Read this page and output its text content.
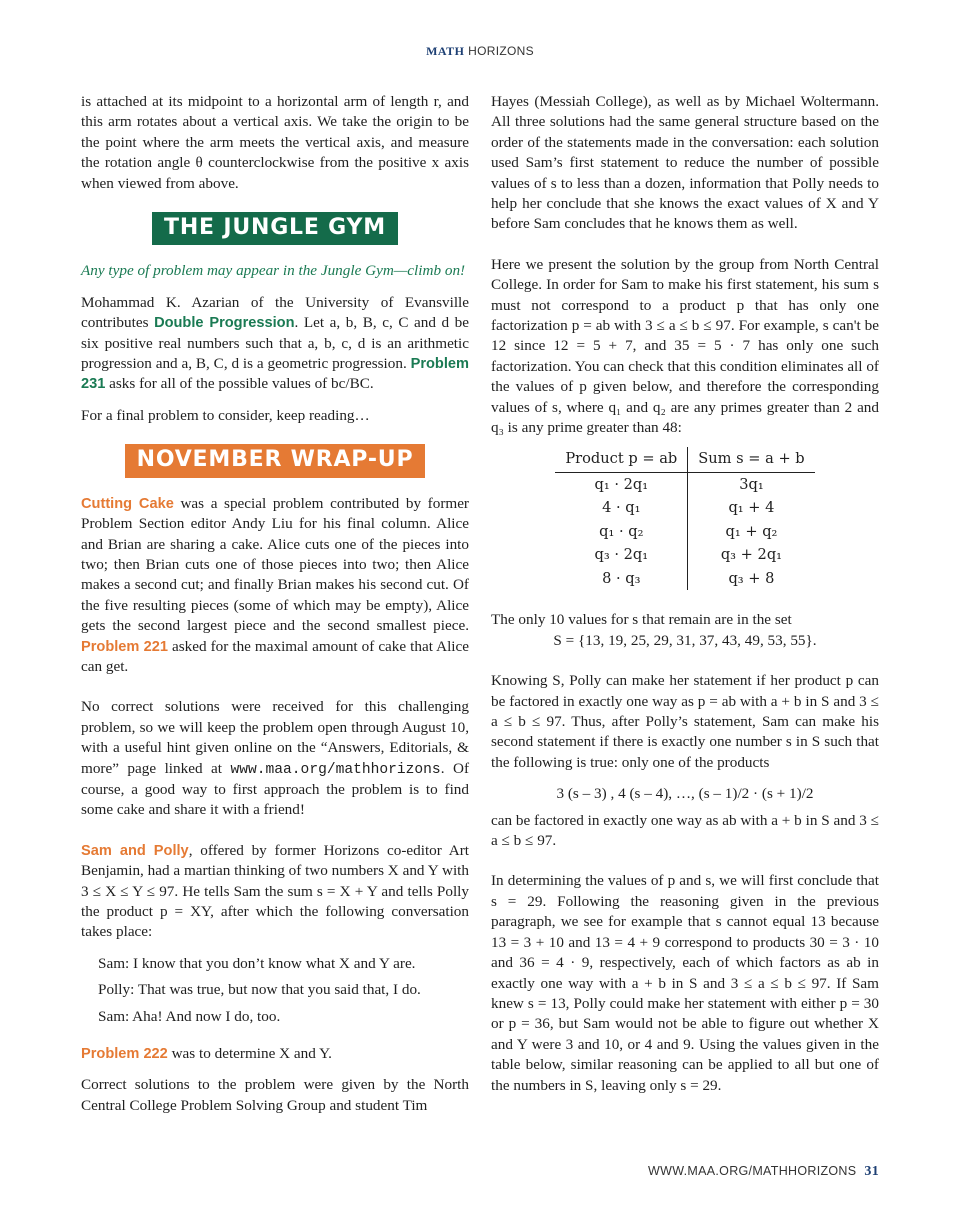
MATH HORIZONS

is attached at its midpoint to a horizontal arm of length r, and this arm rotates about a vertical axis. We take the origin to be the point where the arm meets the vertical axis, and measure the rotation angle θ counterclockwise from the positive x axis when viewed from above.

THE JUNGLE GYM

Any type of problem may appear in the Jungle Gym—climb on!

Mohammad K. Azarian of the University of Evansville contributes Double Progression. Let a, b, B, c, C and d be six positive real numbers such that a, b, c, d is an arithmetic progression and a, B, C, d is a geometric progression. Problem 231 asks for all of the possible values of bc/BC.

For a final problem to consider, keep reading…

NOVEMBER WRAP-UP

Cutting Cake was a special problem contributed by former Problem Section editor Andy Liu for his final column. Alice and Brian are sharing a cake. Alice cuts one of the pieces into two; then Brian cuts one of those pieces into two; then Alice makes a second cut; and finally Brian makes his second cut. Of the five resulting pieces (some of which may be empty), Alice gets the second largest piece and the second smallest piece. Problem 221 asked for the maximal amount of cake that Alice can get.

No correct solutions were received for this challenging problem, so we will keep the problem open through August 10, with a useful hint given online on the “Answers, Editorials, & more” page linked at www.maa.org/mathhorizons. Of course, a good way to first approach the problem is to find some cake and share it with a friend!

Sam and Polly, offered by former Horizons co-editor Art Benjamin, had a martian thinking of two numbers X and Y with 3 ≤ X ≤ Y ≤ 97. He tells Sam the sum s = X + Y and tells Polly the product p = XY, after which the following conversation takes place:

Sam: I know that you don’t know what X and Y are.

Polly: That was true, but now that you said that, I do.

Sam: Aha! And now I do, too.

Problem 222 was to determine X and Y.

Correct solutions to the problem were given by the North Central College Problem Solving Group and student Tim

Hayes (Messiah College), as well as by Michael Woltermann. All three solutions had the same general structure based on the order of the statements made in the conversation: each solution used Sam’s first statement to reduce the number of possible values of s to less than a dozen, information that Polly needs to help her conclude that she knows the exact values of X and Y before Sam concludes that he knows them as well.

Here we present the solution by the group from North Central College. In order for Sam to make his first statement, his sum s must not correspond to a product p that has only one factorization p = ab with 3 ≤ a ≤ b ≤ 97. For example, s can't be 12 since 12 = 5 + 7, and 35 = 5 · 7 has only one such factorization. You can check that this condition eliminates all of the values of p given below, and therefore the corresponding values of s, where q₁ and q₂ are any primes greater than 2 and q₃ is any prime greater than 48:

Product p = ab	Sum s = a + b
q₁ · 2q₁	3q₁
4 · q₁	q₁ + 4
q₁ · q₂	q₁ + q₂
q₃ · 2q₁	q₃ + 2q₁
8 · q₃	q₃ + 8

The only 10 values for s that remain are in the set

S = {13, 19, 25, 29, 31, 37, 43, 49, 53, 55}.

Knowing S, Polly can make her statement if her product p can be factored in exactly one way as p = ab with a + b in S and 3 ≤ a ≤ b ≤ 97. Thus, after Polly’s statement, Sam can make his second statement if there is exactly one number s in S such that the following is true: only one of the products

3 (s – 3) , 4 (s – 4), …, (s – 1)/2 · (s + 1)/2

can be factored in exactly one way as ab with a + b in S and 3 ≤ a ≤ b ≤ 97.

In determining the values of p and s, we will first conclude that s = 29. Following the reasoning given in the previous paragraph, we see for example that s cannot equal 13 because 13 = 3 + 10 and 13 = 4 + 9 correspond to products 30 = 3 · 10 and 36 = 4 · 9, respectively, each of which factors as ab in exactly one way with a + b in S and 3 ≤ a ≤ b ≤ 97. If Sam knew s = 13, Polly could make her statement with either p = 30 or p = 36, but Sam would not be able to figure out whether X and Y were 3 and 10, or 4 and 9. Using the values given in the table below, similar reasoning can be applied to all but one of the numbers in S, leaving only s = 29.

WWW.MAA.ORG/MATHHORIZONS 31
